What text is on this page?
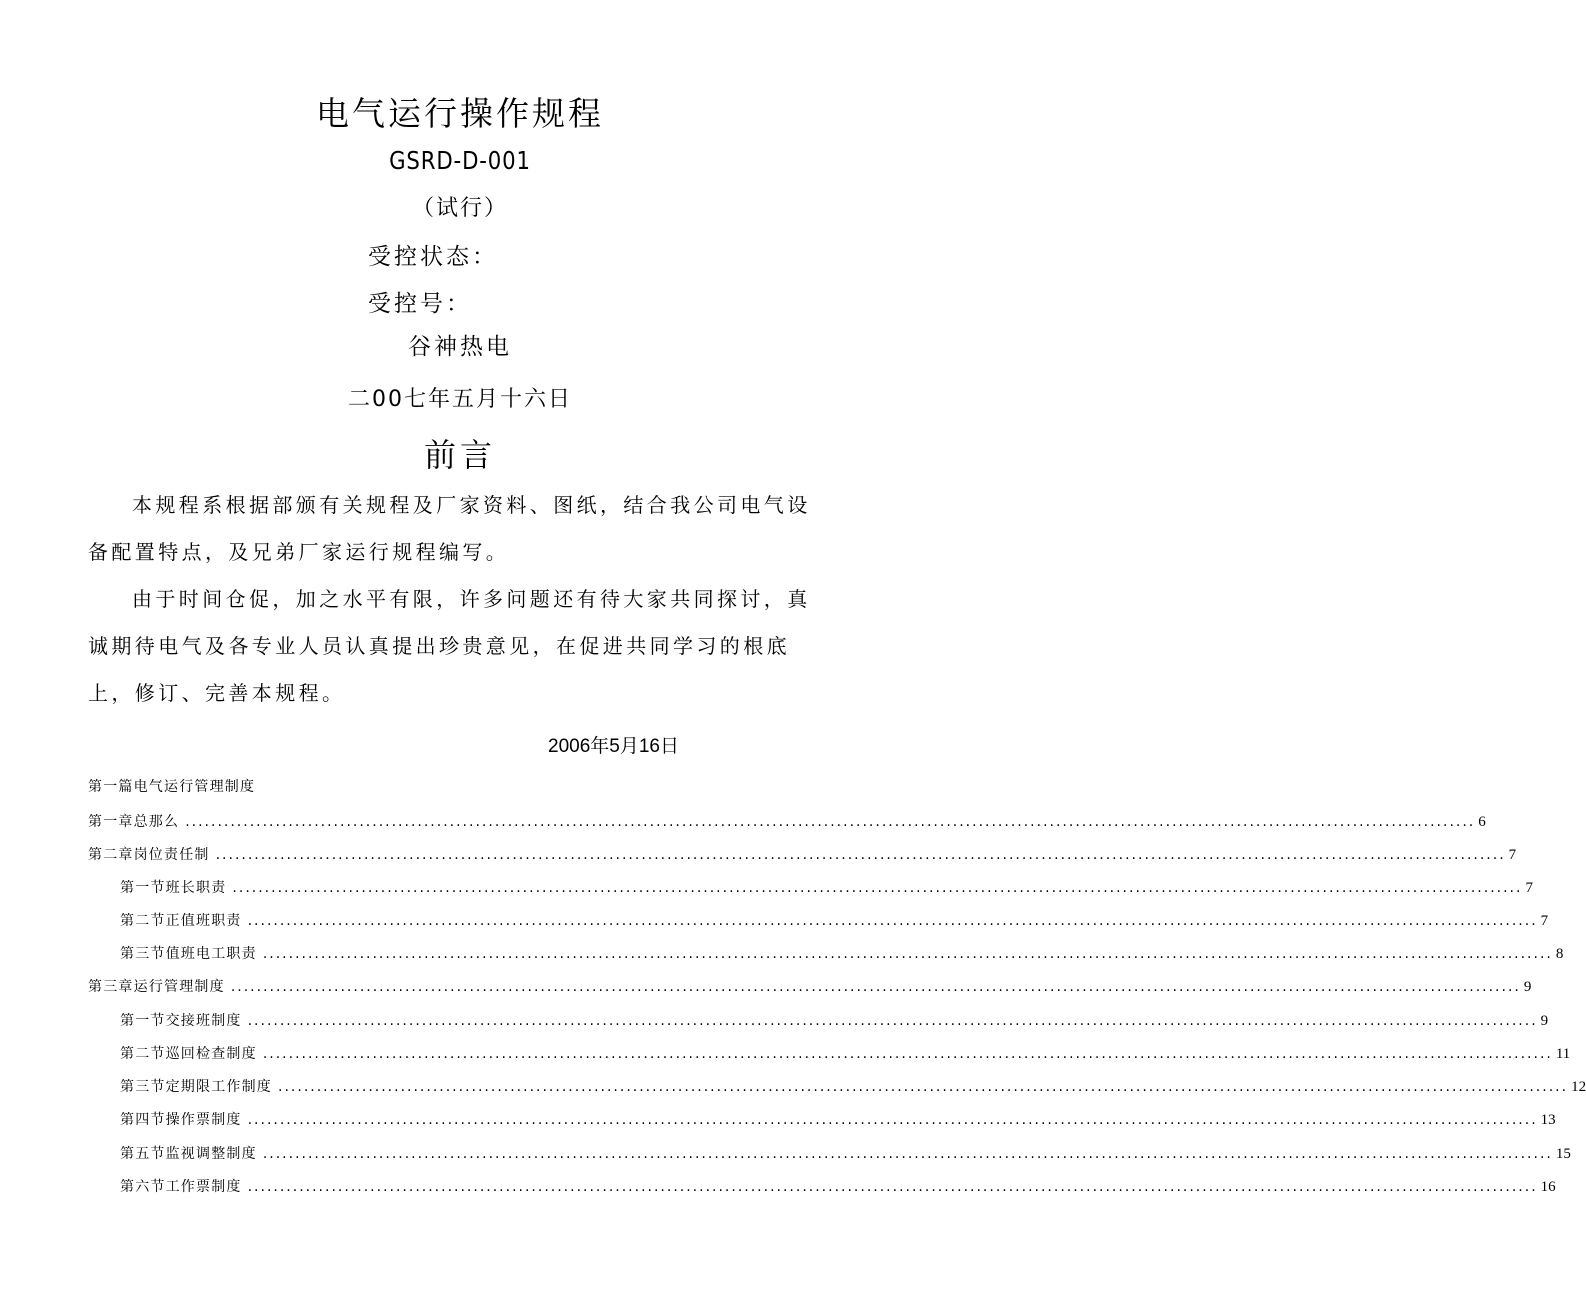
电气运行操作规程
GSRD-D-001
（试行）
受控状态：
受控号：
谷神热电
二00七年五月十六日
前言
本规程系根据部颁有关规程及厂家资料、图纸，结合我公司电气设备配置特点，及兄弟厂家运行规程编写。
由于时间仓促，加之水平有限，许多问题还有待大家共同探讨，真诚期待电气及各专业人员认真提出珍贵意见，在促进共同学习的根底上，修订、完善本规程。
2006年5月16日
第一篇电气运行管理制度
第一章总那么 ........................................................................................................................................................................................................ 6
第二章岗位责任制 ........................................................................................................................................................................................................ 7
第一节 班长职责 ........................................................................................................................................................................................................ 7
第二节 正值班职责 ........................................................................................................................................................................................................ 7
第三节 值班电工职责 ........................................................................................................................................................................................................ 8
第三章运行管理制度 ........................................................................................................................................................................................................ 9
第一节 交接班制度 ........................................................................................................................................................................................................ 9
第二节 巡回检查制度 ........................................................................................................................................................................................................ 11
第三节 定期限工作制度 ........................................................................................................................................................................................................ 12
第四节操作票制度 ........................................................................................................................................................................................................ 13
第五节 监视调整制度 ........................................................................................................................................................................................................ 15
第六节 工作票制度 ........................................................................................................................................................................................................ 16
